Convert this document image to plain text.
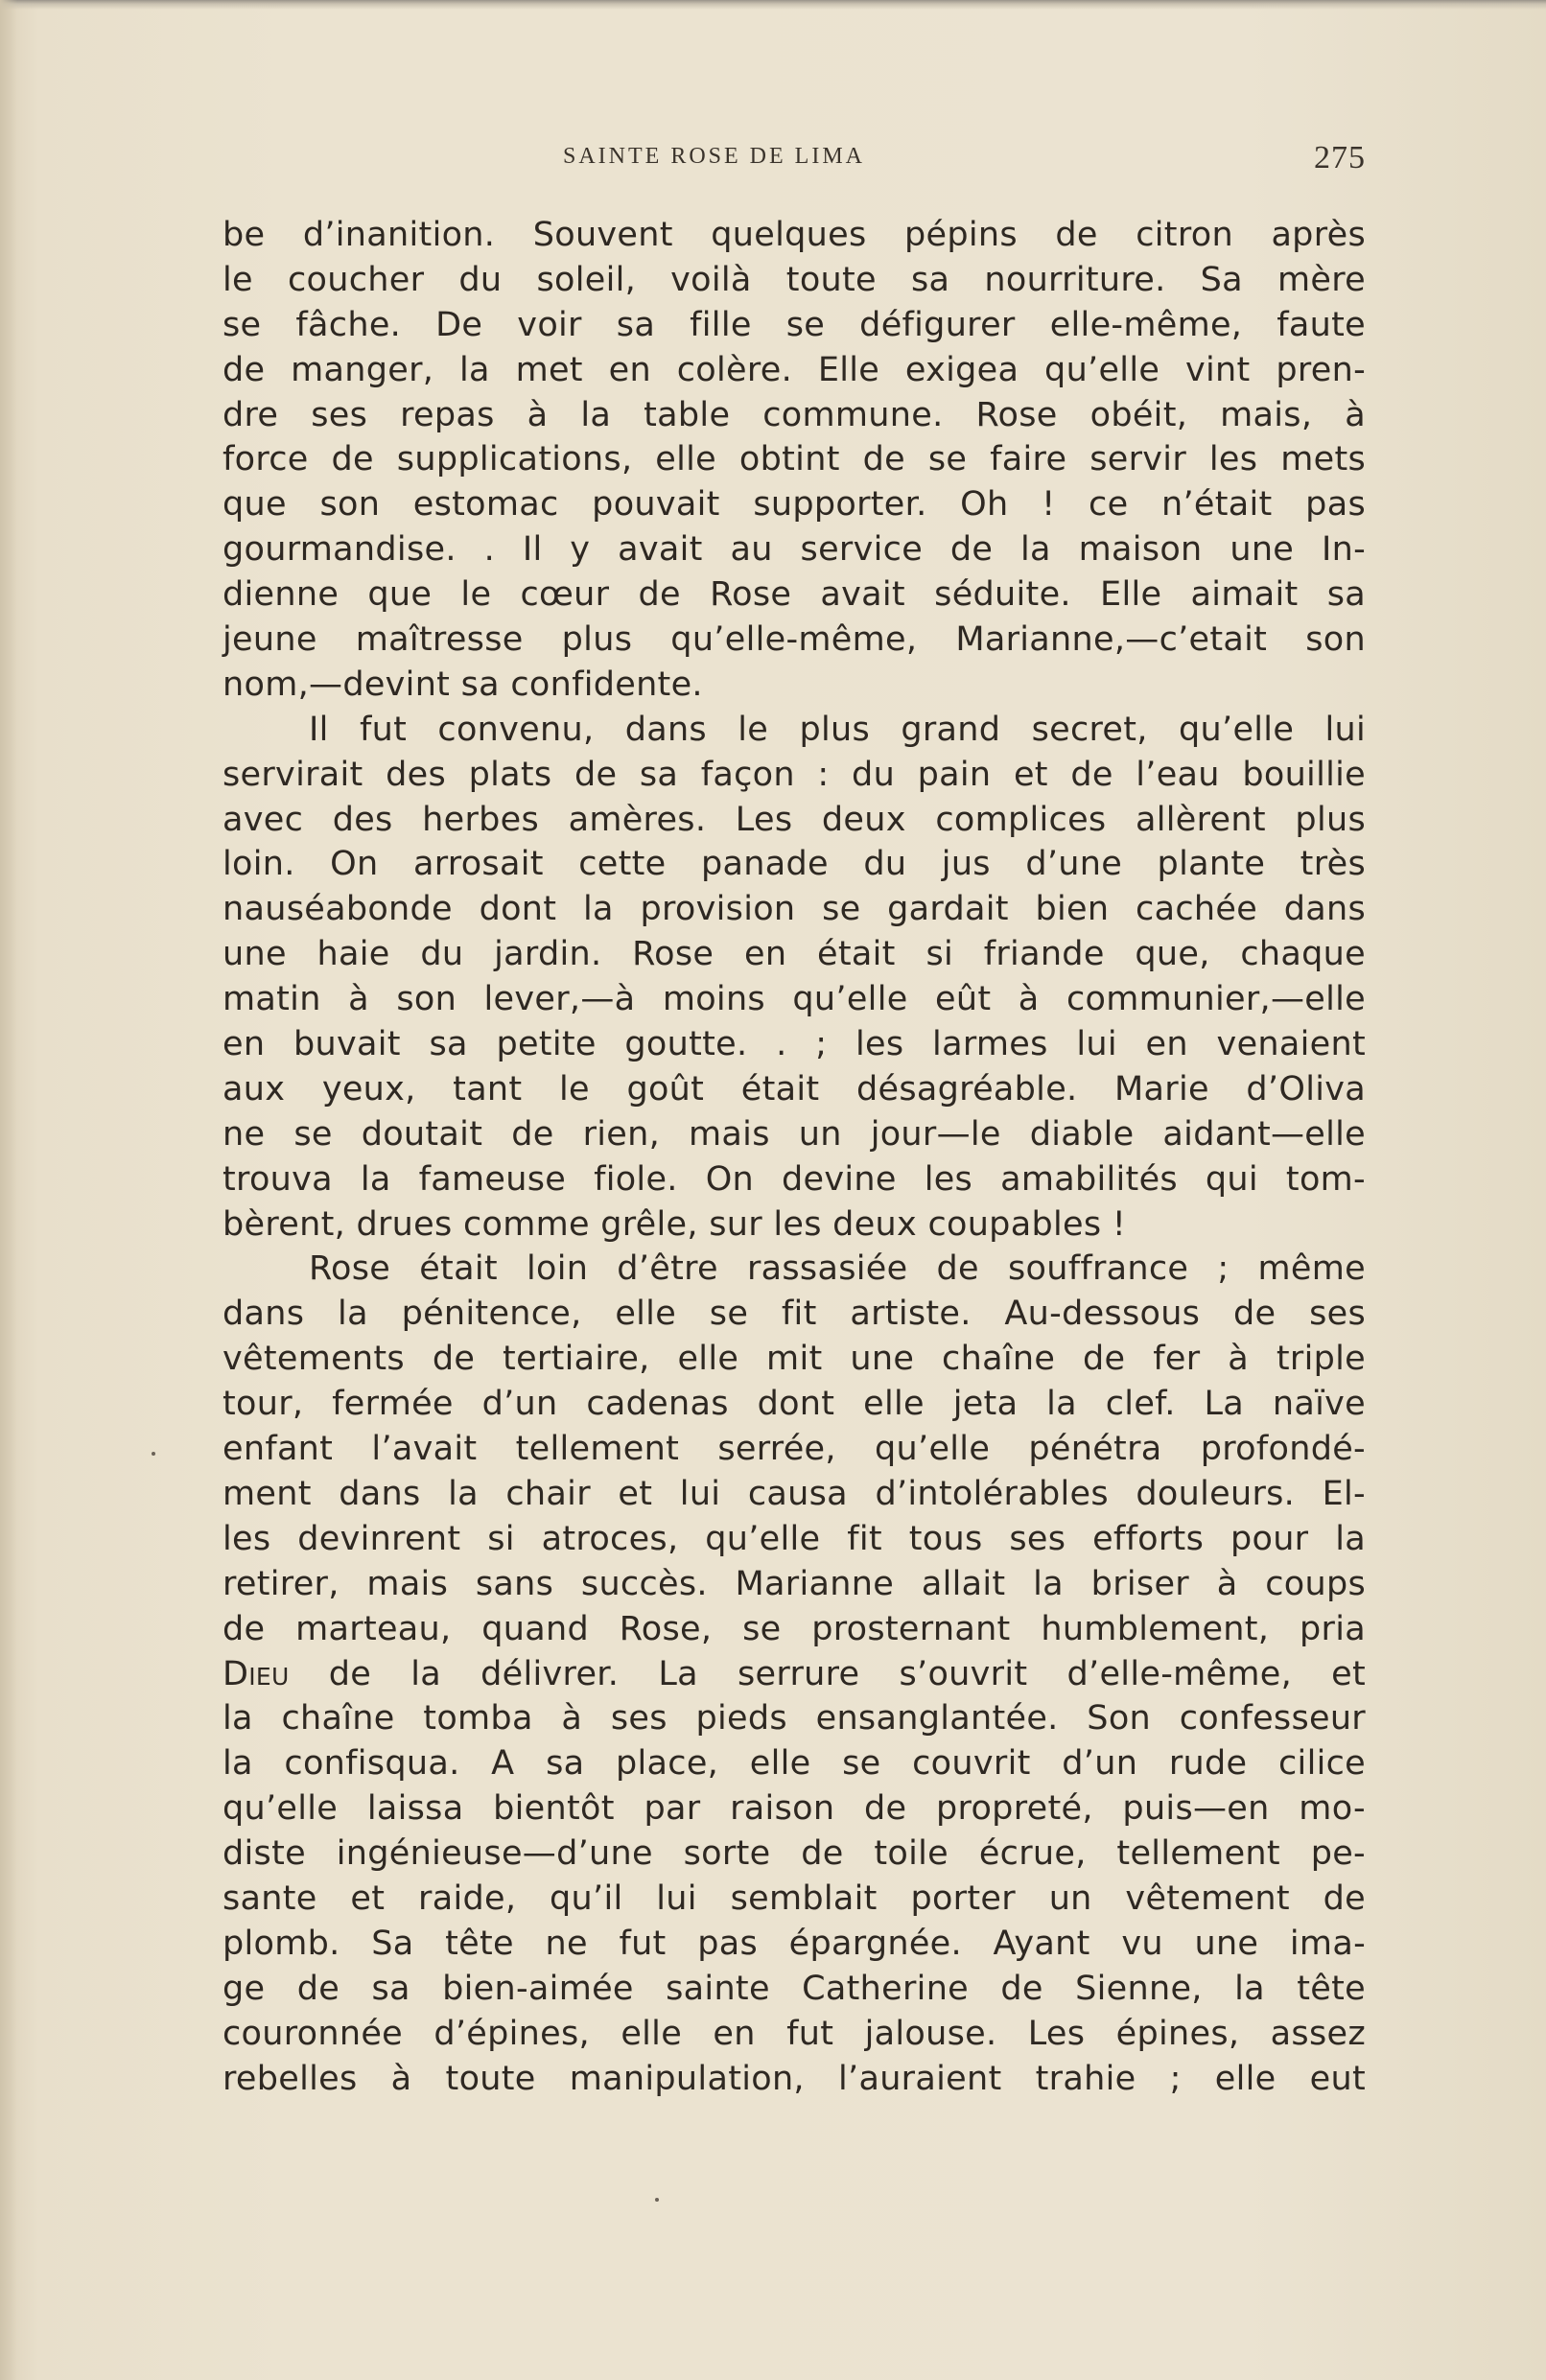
SAINTE ROSE DE LIMA	275
be d’inanition. Souvent quelques pépins de citron après
le coucher du soleil, voilà toute sa nourriture. Sa mère
se fâche. De voir sa fille se défigurer elle-même, faute
de manger, la met en colère. Elle exigea qu’elle vint pren-
dre ses repas à la table commune. Rose obéit, mais, à
force de supplications, elle obtint de se faire servir les mets
que son estomac pouvait supporter. Oh ! ce n’était pas
gourmandise. . Il y avait au service de la maison une In-
dienne que le cœur de Rose avait séduite. Elle aimait sa
jeune maîtresse plus qu’elle-même, Marianne,—c’etait son
nom,—devint sa confidente.
Il fut convenu, dans le plus grand secret, qu’elle lui
servirait des plats de sa façon : du pain et de l’eau bouillie
avec des herbes amères. Les deux complices allèrent plus
loin. On arrosait cette panade du jus d’une plante très
nauséabonde dont la provision se gardait bien cachée dans
une haie du jardin. Rose en était si friande que, chaque
matin à son lever,—à moins qu’elle eût à communier,—elle
en buvait sa petite goutte. . ; les larmes lui en venaient
aux yeux, tant le goût était désagréable. Marie d’Oliva
ne se doutait de rien, mais un jour—le diable aidant—elle
trouva la fameuse fiole. On devine les amabilités qui tom-
bèrent, drues comme grêle, sur les deux coupables !
Rose était loin d’être rassasiée de souffrance ; même
dans la pénitence, elle se fit artiste. Au-dessous de ses
vêtements de tertiaire, elle mit une chaîne de fer à triple
tour, fermée d’un cadenas dont elle jeta la clef. La naïve
enfant l’avait tellement serrée, qu’elle pénétra profondé-
ment dans la chair et lui causa d’intolérables douleurs. El-
les devinrent si atroces, qu’elle fit tous ses efforts pour la
retirer, mais sans succès. Marianne allait la briser à coups
de marteau, quand Rose, se prosternant humblement, pria
Dieu de la délivrer. La serrure s’ouvrit d’elle-même, et
la chaîne tomba à ses pieds ensanglantée. Son confesseur
la confisqua. A sa place, elle se couvrit d’un rude cilice
qu’elle laissa bientôt par raison de propreté, puis—en mo-
diste ingénieuse—d’une sorte de toile écrue, tellement pe-
sante et raide, qu’il lui semblait porter un vêtement de
plomb. Sa tête ne fut pas épargnée. Ayant vu une ima-
ge de sa bien-aimée sainte Catherine de Sienne, la tête
couronnée d’épines, elle en fut jalouse. Les épines, assez
rebelles à toute manipulation, l’auraient trahie ; elle eut
